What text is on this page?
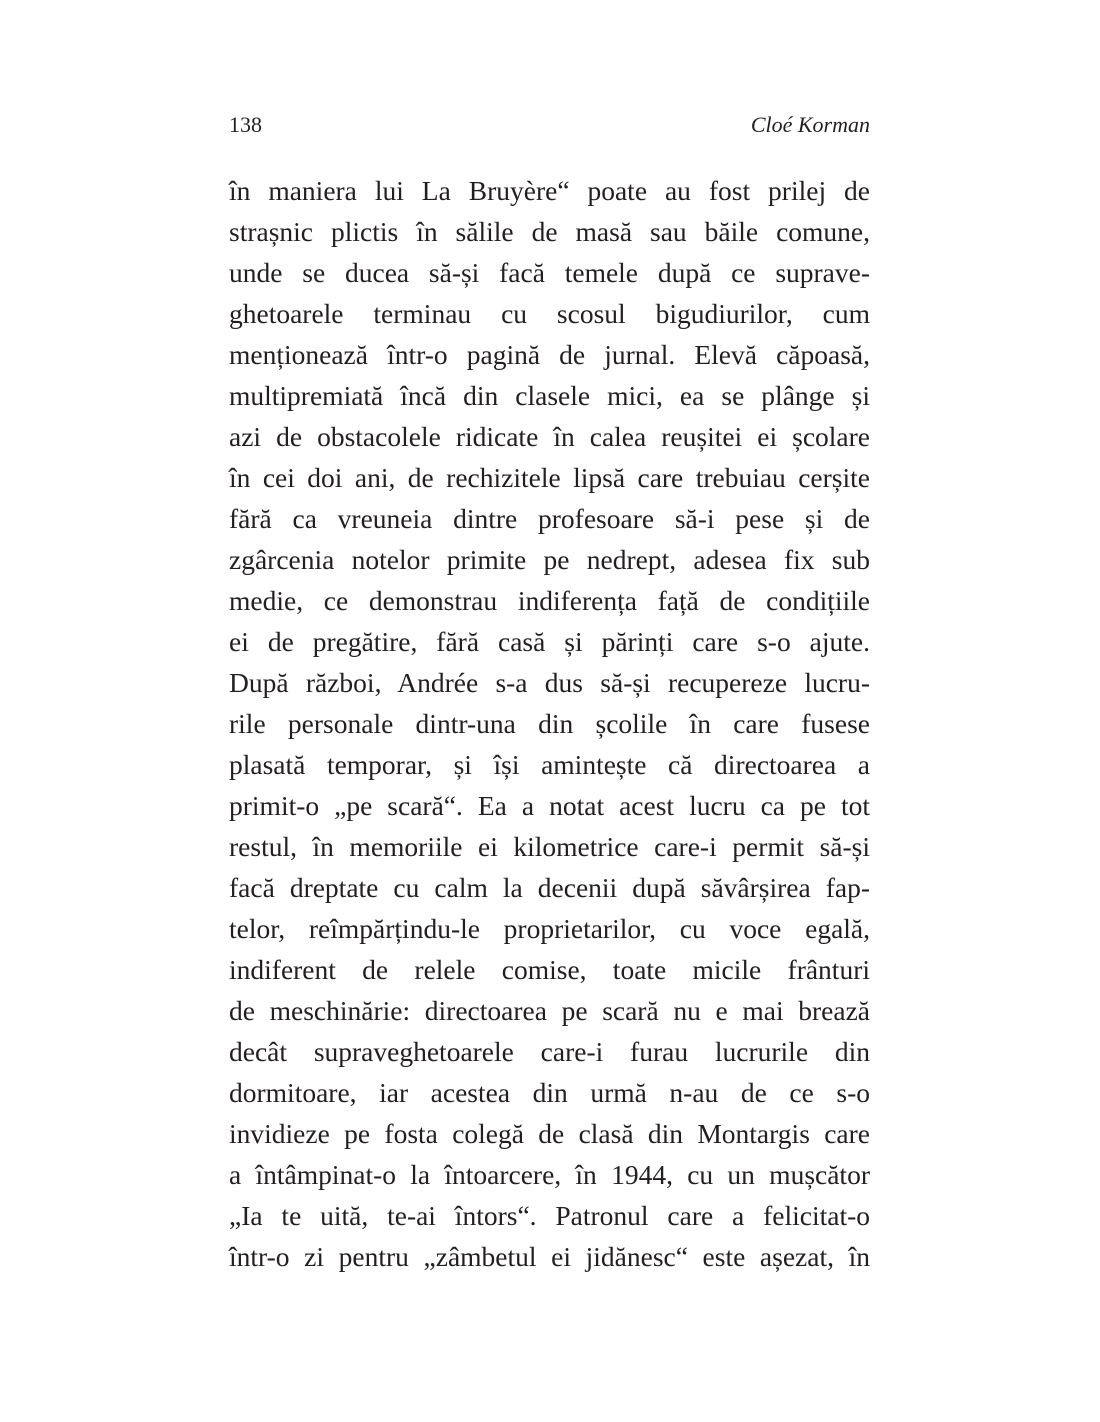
138	Cloé Korman
în maniera lui La Bruyère“ poate au fost prilej de
strașnic plictis în sălile de masă sau băile comune,
unde se ducea să-și facă temele după ce suprave-
ghetoarele terminau cu scosul bigudiurilor, cum
menționează într-o pagină de jurnal. Elevă căpoasă,
multipremiată încă din clasele mici, ea se plânge și
azi de obstacolele ridicate în calea reușitei ei școlare
în cei doi ani, de rechizitele lipsă care trebuiau cerșite
fără ca vreuneia dintre profesoare să-i pese și de
zgârcenia notelor primite pe nedrept, adesea fix sub
medie, ce demonstrau indiferența față de condițiile
ei de pregătire, fără casă și părinți care s-o ajute.
După război, Andrée s-a dus să-și recupereze lucru-
rile personale dintr-una din școlile în care fusese
plasată temporar, și își amintește că directoarea a
primit-o „pe scară“. Ea a notat acest lucru ca pe tot
restul, în memoriile ei kilometrice care-i permit să-și
facă dreptate cu calm la decenii după săvârșirea fap-
telor, reîmpărțindu-le proprietarilor, cu voce egală,
indiferent de relele comise, toate micile frânturi
de meschinărie: directoarea pe scară nu e mai brează
decât supraveghetoarele care-i furau lucrurile din
dormitoare, iar acestea din urmă n-au de ce s-o
invidieze pe fosta colegă de clasă din Montargis care
a întâmpinat-o la întoarcere, în 1944, cu un mușcător
„Ia te uită, te-ai întors“. Patronul care a felicitat-o
într-o zi pentru „zâmbetul ei jidănesc“ este așezat, în
